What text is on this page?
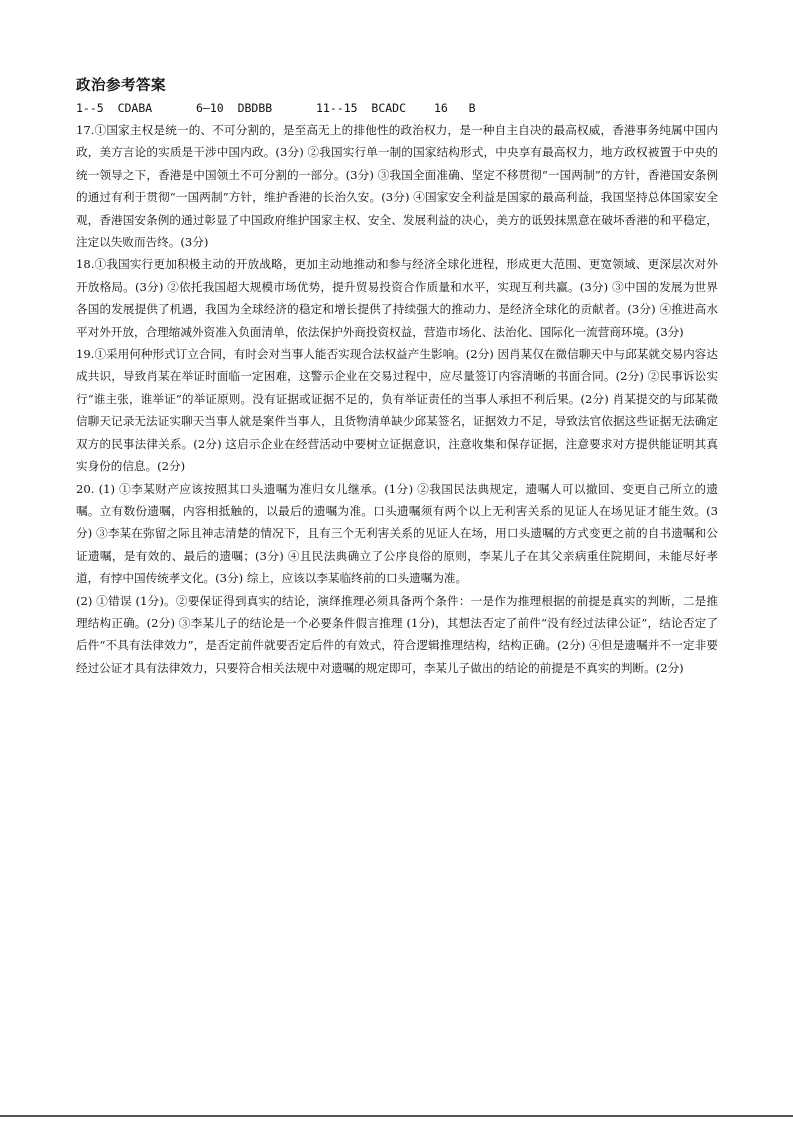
政治参考答案
1--5 CDABA	6—10 DBDBB	11--15 BCADC 16 B

17.①国家主权是统一的、不可分割的，是至高无上的排他性的政治权力，是一种自主自决的最高权威，香港事务纯属中国内政，美方言论的实质是干涉中国内政。(3分) ②我国实行单一制的国家结构形式，中央享有最高权力，地方政权被置于中央的统一领导之下，香港是中国领土不可分割的一部分。(3分) ③我国全面准确、坚定不移贯彻“一国两制”的方针，香港国安条例的通过有利于贯彻“一国两制”方针，维护香港的长治久安。(3分) ④国家安全利益是国家的最高利益，我国坚持总体国家安全观，香港国安条例的通过彰显了中国政府维护国家主权、安全、发展利益的决心，美方的诋毁抹黑意在破坏香港的和平稳定，注定以失败而告终。(3分)

18.①我国实行更加积极主动的开放战略，更加主动地推动和参与经济全球化进程，形成更大范围、更宽领域、更深层次对外开放格局。(3分) ②依托我国超大规模市场优势，提升贸易投资合作质量和水平，实现互利共赢。(3分) ③中国的发展为世界各国的发展提供了机遇，我国为全球经济的稳定和增长提供了持续强大的推动力、是经济全球化的贡献者。(3分) ④推进高水平对外开放，合理缩减外资准入负面清单，依法保护外商投资权益，营造市场化、法治化、国际化一流营商环境。(3分)

19.①采用何种形式订立合同，有时会对当事人能否实现合法权益产生影响。(2分) 因肖某仅在微信聊天中与邱某就交易内容达成共识，导致肖某在举证时面临一定困难，这警示企业在交易过程中，应尽量签订内容清晰的书面合同。(2分) ②民事诉讼实行“谁主张，谁举证”的举证原则。没有证据或证据不足的，负有举证责任的当事人承担不利后果。(2分) 肖某提交的与邱某微信聊天记录无法证实聊天当事人就是案件当事人，且货物清单缺少邱某签名，证据效力不足，导致法官依据这些证据无法确定双方的民事法律关系。(2分) 这启示企业在经营活动中要树立证据意识，注意收集和保存证据，注意要求对方提供能证明其真实身份的信息。(2分)

20. (1) ①李某财产应该按照其口头遗嘱为准归女儿继承。(1分) ②我国民法典规定，遗嘱人可以撤回、变更自己所立的遗嘱。立有数份遗嘱，内容相抵触的，以最后的遗嘱为准。口头遗嘱须有两个以上无利害关系的见证人在场见证才能生效。(3分) ③李某在弥留之际且神志清楚的情况下，且有三个无利害关系的见证人在场，用口头遗嘱的方式变更之前的自书遗嘱和公证遗嘱，是有效的、最后的遗嘱；(3分) ④且民法典确立了公序良俗的原则，李某儿子在其父亲病重住院期间，未能尽好孝道，有悖中国传统孝文化。(3分) 综上，应该以李某临终前的口头遗嘱为准。

(2) ①错误 (1分)。②要保证得到真实的结论，演绎推理必须具备两个条件：一是作为推理根据的前提是真实的判断，二是推理结构正确。(2分) ③李某儿子的结论是一个必要条件假言推理 (1分)，其想法否定了前件“没有经过法律公证”，结论否定了后件“不具有法律效力”，是否定前件就要否定后件的有效式，符合逻辑推理结构，结构正确。(2分) ④但是遗嘱并不一定非要经过公证才具有法律效力，只要符合相关法规中对遗嘱的规定即可，李某儿子做出的结论的前提是不真实的判断。(2分)
